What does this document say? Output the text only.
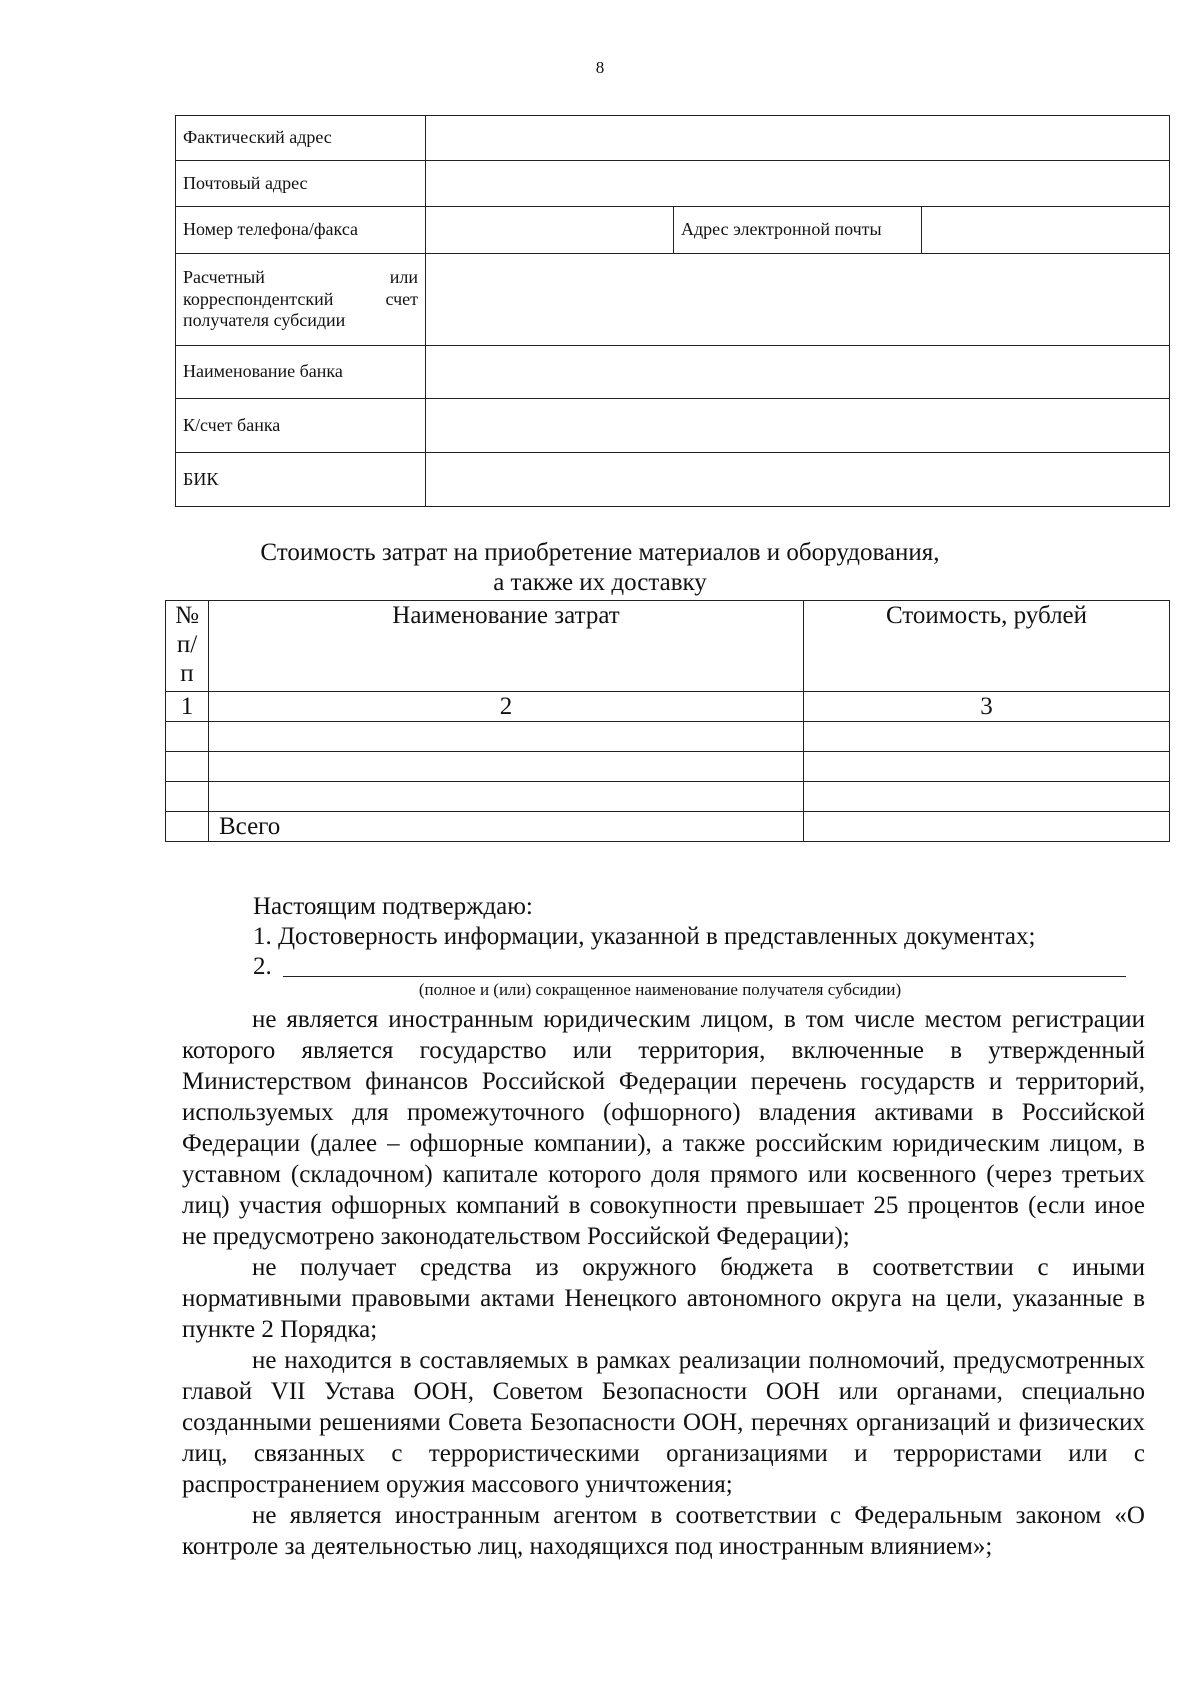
8
Фактический адрес			
Почтовый адрес			
Номер телефона/факса		Адрес электронной почты	
Расчетный или корреспондентский счет получателя субсидии			
Наименование банка			
К/счет банка			
БИК			
Стоимость затрат на приобретение материалов и оборудования,
а также их доставку
№ п/ п	Наименование затрат	Стоимость, рублей
1	2	3

	Всего	
Настоящим подтверждаю:
1. Достоверность информации, указанной в представленных документах;
2.
(полное и (или) сокращенное наименование получателя субсидии)

не является иностранным юридическим лицом, в том числе местом регистрации которого является государство или территория, включенные в утвержденный Министерством финансов Российской Федерации перечень государств и территорий, используемых для промежуточного (офшорного) владения активами в Российской Федерации (далее – офшорные компании), а также российским юридическим лицом, в уставном (складочном) капитале которого доля прямого или косвенного (через третьих лиц) участия офшорных компаний в совокупности превышает 25 процентов (если иное не предусмотрено законодательством Российской Федерации);

не получает средства из окружного бюджета в соответствии с иными нормативными правовыми актами Ненецкого автономного округа на цели, указанные в пункте 2 Порядка;

не находится в составляемых в рамках реализации полномочий, предусмотренных главой VII Устава ООН, Советом Безопасности ООН или органами, специально созданными решениями Совета Безопасности ООН, перечнях организаций и физических лиц, связанных с террористическими организациями и террористами или с распространением оружия массового уничтожения;

не является иностранным агентом в соответствии с Федеральным законом «О контроле за деятельностью лиц, находящихся под иностранным влиянием»;
